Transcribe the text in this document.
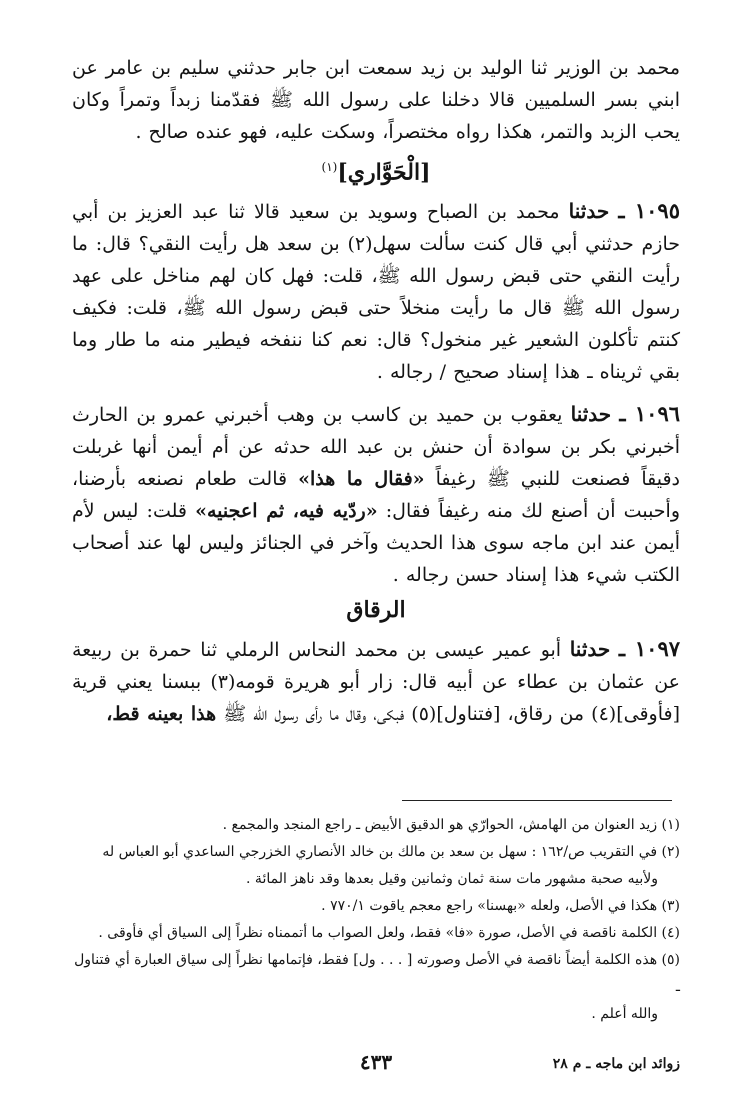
محمد بن الوزير ثنا الوليد بن زيد سمعت ابن جابر حدثني سليم بن عامر عن ابني بسر السلميين قالا دخلنا على رسول الله ﷺ فقدّمنا زبداً وتمراً وكان يحب الزبد والتمر، هكذا رواه مختصراً، وسكت عليه، فهو عنده صالح .

[الْحَوَّاري]$^{(١)}$

١٠٩٥ ـ حدثنا محمد بن الصباح وسويد بن سعيد قالا ثنا عبد العزيز بن أبي حازم حدثني أبي قال كنت سألت سهل(٢) بن سعد هل رأيت النقي؟ قال: ما رأيت النقي حتى قبض رسول الله ﷺ، قلت: فهل كان لهم مناخل على عهد رسول الله ﷺ قال ما رأيت منخلاً حتى قبض رسول الله ﷺ، قلت: فكيف كنتم تأكلون الشعير غير منخول؟ قال: نعم كنا ننفخه فيطير منه ما طار وما بقي ثريناه ـ هذا إسناد صحيح / رجاله .

١٠٩٦ ـ حدثنا يعقوب بن حميد بن كاسب بن وهب أخبرني عمرو بن الحارث أخبرني بكر بن سوادة أن حنش بن عبد الله حدثه عن أم أيمن أنها غربلت دقيقاً فصنعت للنبي ﷺ رغيفاً «فقال ما هذا» قالت طعام نصنعه بأرضنا، وأحببت أن أصنع لك منه رغيفاً فقال: «ردّيه فيه، ثم اعجنيه» قلت: ليس لأم أيمن عند ابن ماجه سوى هذا الحديث وآخر في الجنائز وليس لها عند أصحاب الكتب شيء هذا إسناد حسن رجاله .

الرقاق

١٠٩٧ ـ حدثنا أبو عمير عيسى بن محمد النحاس الرملي ثنا حمرة بن ربيعة عن عثمان بن عطاء عن أبيه قال: زار أبو هريرة قومه(٣) ببسنا يعني قرية [فأوقى](٤) من رقاق، [فتناول](٥) فبكى، وقال ما رأى رسول الله ﷺ هذا بعينه قط،

(١) زيد العنوان من الهامش، الحوارّي هو الدقيق الأبيض ـ راجع المنجد والمجمع .

(٢) في التقريب ص/١٦٢ : سهل بن سعد بن مالك بن خالد الأنصاري الخزرجي الساعدي أبو العباس له

ولأبيه صحبة مشهور مات سنة ثمان وثمانين وقيل بعدها وقد ناهز المائة .

(٣) هكذا في الأصل، ولعله «بهسنا» راجع معجم ياقوت ٧٧٠/١ .

(٤) الكلمة ناقصة في الأصل، صورة «فا» فقط، ولعل الصواب ما أتممناه نظراً إلى السياق أي فأوقى .

(٥) هذه الكلمة أيضاً ناقصة في الأصل وصورته [ . . . ول] فقط، فإتمامها نظراً إلى سياق العبارة أي فتناول ـ

والله أعلم .

زوائد ابن ماجه ـ م ٢٨
٤٣٣
